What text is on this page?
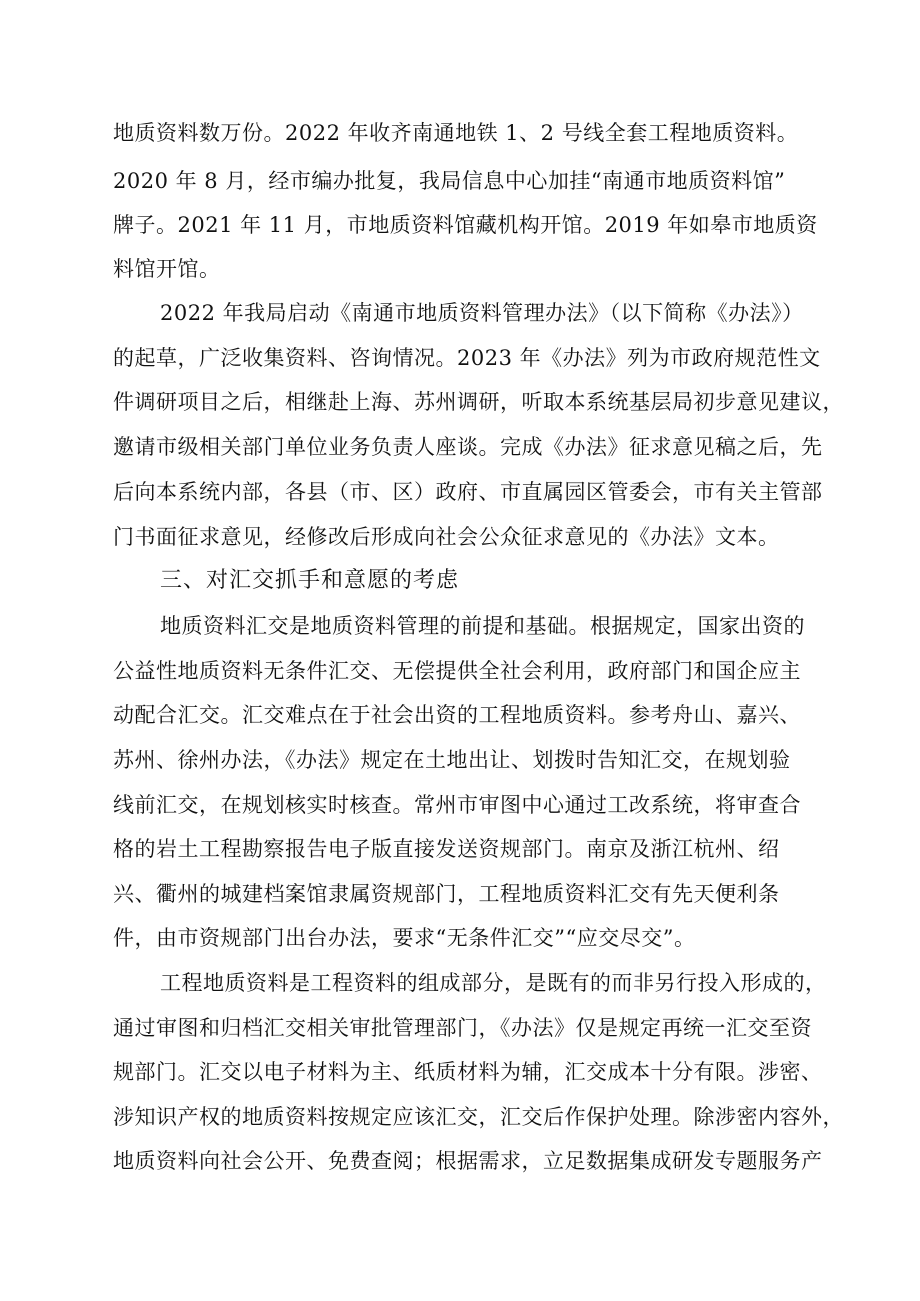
地质资料数万份。2022 年收齐南通地铁 1、2 号线全套工程地质资料。
2020 年 8 月，经市编办批复，我局信息中心加挂“南通市地质资料馆”
牌子。2021 年 11 月，市地质资料馆藏机构开馆。2019 年如皋市地质资
料馆开馆。
2022 年我局启动《南通市地质资料管理办法》（以下简称《办法》）
的起草，广泛收集资料、咨询情况。2023 年《办法》列为市政府规范性文
件调研项目之后，相继赴上海、苏州调研，听取本系统基层局初步意见建议，
邀请市级相关部门单位业务负责人座谈。完成《办法》征求意见稿之后，先
后向本系统内部，各县（市、区）政府、市直属园区管委会，市有关主管部
门书面征求意见，经修改后形成向社会公众征求意见的《办法》文本。
三、对汇交抓手和意愿的考虑
地质资料汇交是地质资料管理的前提和基础。根据规定，国家出资的
公益性地质资料无条件汇交、无偿提供全社会利用，政府部门和国企应主
动配合汇交。汇交难点在于社会出资的工程地质资料。参考舟山、嘉兴、
苏州、徐州办法，《办法》规定在土地出让、划拨时告知汇交，在规划验
线前汇交，在规划核实时核查。常州市审图中心通过工改系统，将审查合
格的岩土工程勘察报告电子版直接发送资规部门。南京及浙江杭州、绍
兴、衢州的城建档案馆隶属资规部门，工程地质资料汇交有先天便利条
件，由市资规部门出台办法，要求“无条件汇交”“应交尽交”。
工程地质资料是工程资料的组成部分，是既有的而非另行投入形成的，
通过审图和归档汇交相关审批管理部门，《办法》仅是规定再统一汇交至资
规部门。汇交以电子材料为主、纸质材料为辅，汇交成本十分有限。涉密、
涉知识产权的地质资料按规定应该汇交，汇交后作保护处理。除涉密内容外，
地质资料向社会公开、免费查阅；根据需求，立足数据集成研发专题服务产
